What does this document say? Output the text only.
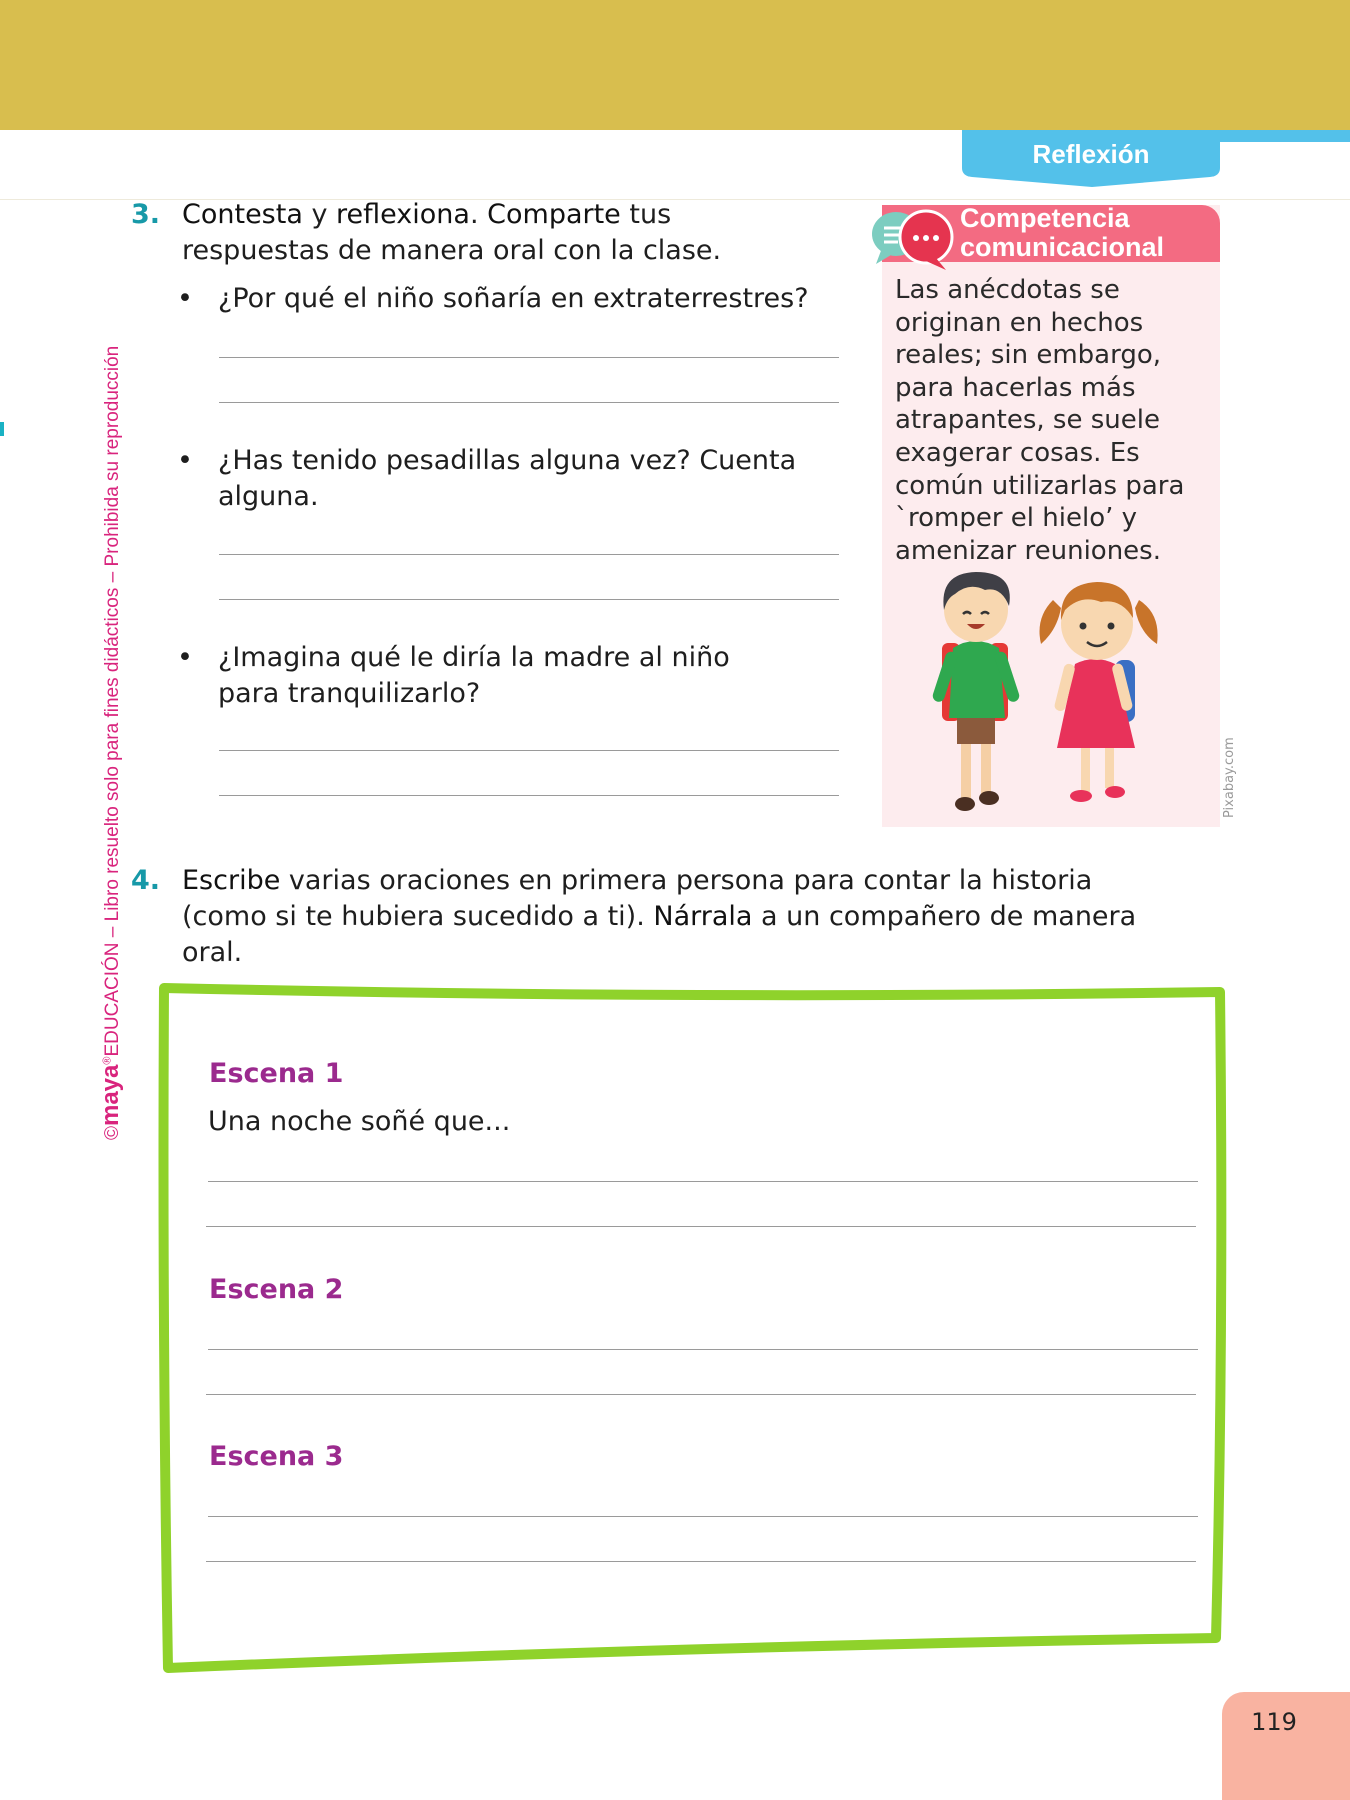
Reflexión
©maya®EDUCACIÓN – Libro resuelto solo para fines didácticos – Prohibida su reproducción
3. Contesta y reflexiona. Comparte tus
respuestas de manera oral con la clase.
• ¿Por qué el niño soñaría en extraterrestres?
• ¿Has tenido pesadillas alguna vez? Cuenta
alguna.
• ¿Imagina qué le diría la madre al niño
para tranquilizarlo?
Competencia
comunicacional
Las anécdotas se
originan en hechos
reales; sin embargo,
para hacerlas más
atrapantes, se suele
exagerar cosas. Es
común utilizarlas para
`romper el hielo’ y
amenizar reuniones.
Pixabay.com
4. Escribe varias oraciones en primera persona para contar la historia
(como si te hubiera sucedido a ti). Nárrala a un compañero de manera
oral.
Escena 1
Una noche soñé que...
Escena 2
Escena 3
119
